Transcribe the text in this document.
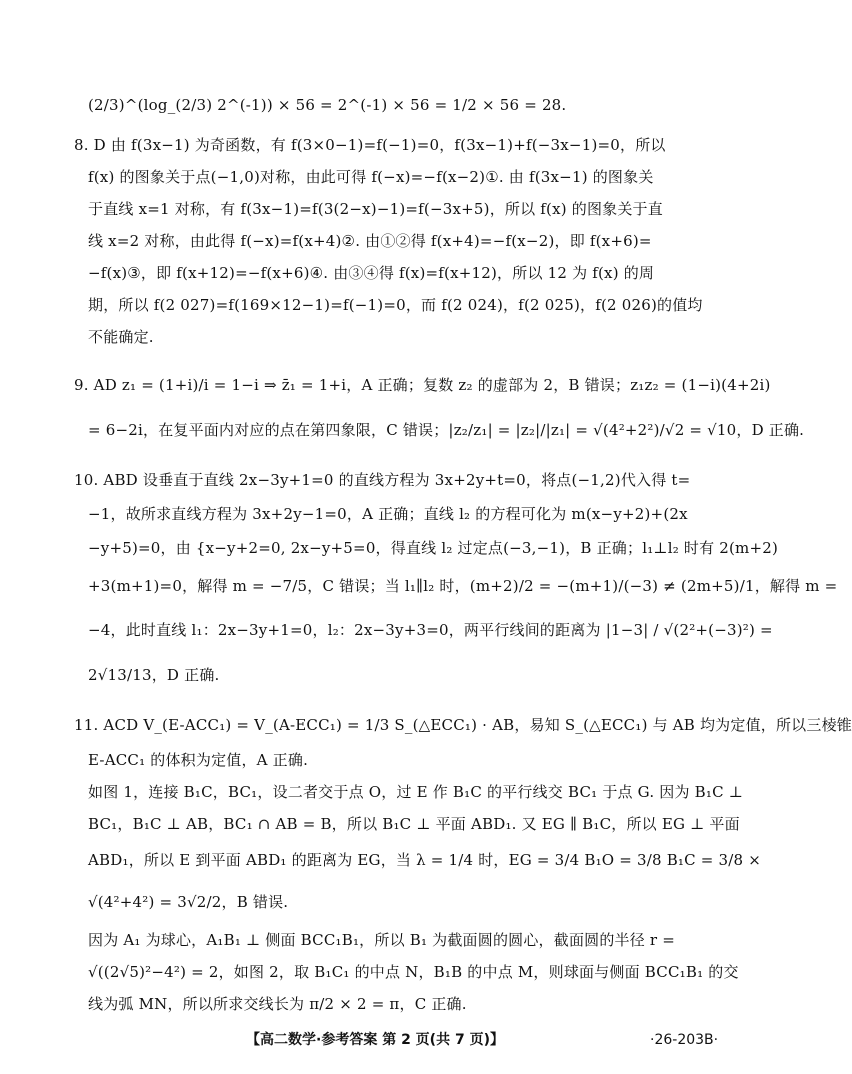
(2/3)^(log_(2/3) 2^(-1)) × 56 = 2^(-1) × 56 = 1/2 × 56 = 28.
8. D 由 f(3x−1) 为奇函数，有 f(3×0−1)=f(−1)=0，f(3x−1)+f(−3x−1)=0，所以
f(x) 的图象关于点(−1,0)对称，由此可得 f(−x)=−f(x−2)①. 由 f(3x−1) 的图象关
于直线 x=1 对称，有 f(3x−1)=f(3(2−x)−1)=f(−3x+5)，所以 f(x) 的图象关于直
线 x=2 对称，由此得 f(−x)=f(x+4)②. 由①②得 f(x+4)=−f(x−2)，即 f(x+6)=
−f(x)③，即 f(x+12)=−f(x+6)④. 由③④得 f(x)=f(x+12)，所以 12 为 f(x) 的周
期，所以 f(2 027)=f(169×12−1)=f(−1)=0，而 f(2 024)，f(2 025)，f(2 026)的值均
不能确定.
9. AD z₁ = (1+i)/i = 1−i ⇒ z̄₁ = 1+i，A 正确；复数 z₂ 的虚部为 2，B 错误；z₁z₂ = (1−i)(4+2i)
= 6−2i，在复平面内对应的点在第四象限，C 错误；|z₂/z₁| = |z₂|/|z₁| = √(4²+2²)/√2 = √10，D 正确.
10. ABD 设垂直于直线 2x−3y+1=0 的直线方程为 3x+2y+t=0，将点(−1,2)代入得 t=
−1，故所求直线方程为 3x+2y−1=0，A 正确；直线 l₂ 的方程可化为 m(x−y+2)+(2x
−y+5)=0，由 {x−y+2=0, 2x−y+5=0，得直线 l₂ 过定点(−3,−1)，B 正确；l₁⊥l₂ 时有 2(m+2)
+3(m+1)=0，解得 m = −7/5，C 错误；当 l₁∥l₂ 时，(m+2)/2 = −(m+1)/(−3) ≠ (2m+5)/1，解得 m =
−4，此时直线 l₁：2x−3y+1=0，l₂：2x−3y+3=0，两平行线间的距离为 |1−3| / √(2²+(−3)²) =
2√13/13，D 正确.
11. ACD V_(E-ACC₁) = V_(A-ECC₁) = 1/3 S_(△ECC₁) · AB，易知 S_(△ECC₁) 与 AB 均为定值，所以三棱锥
E-ACC₁ 的体积为定值，A 正确.
如图 1，连接 B₁C，BC₁，设二者交于点 O，过 E 作 B₁C 的平行线交 BC₁ 于点 G. 因为 B₁C ⊥
BC₁，B₁C ⊥ AB，BC₁ ∩ AB = B，所以 B₁C ⊥ 平面 ABD₁. 又 EG ∥ B₁C，所以 EG ⊥ 平面
ABD₁，所以 E 到平面 ABD₁ 的距离为 EG，当 λ = 1/4 时，EG = 3/4 B₁O = 3/8 B₁C = 3/8 ×
√(4²+4²) = 3√2/2，B 错误.
因为 A₁ 为球心，A₁B₁ ⊥ 侧面 BCC₁B₁，所以 B₁ 为截面圆的圆心，截面圆的半径 r =
√((2√5)²−4²) = 2，如图 2，取 B₁C₁ 的中点 N，B₁B 的中点 M，则球面与侧面 BCC₁B₁ 的交
线为弧 MN，所以所求交线长为 π/2 × 2 = π，C 正确.
【高二数学·参考答案 第 2 页(共 7 页)】	·26-203B·
